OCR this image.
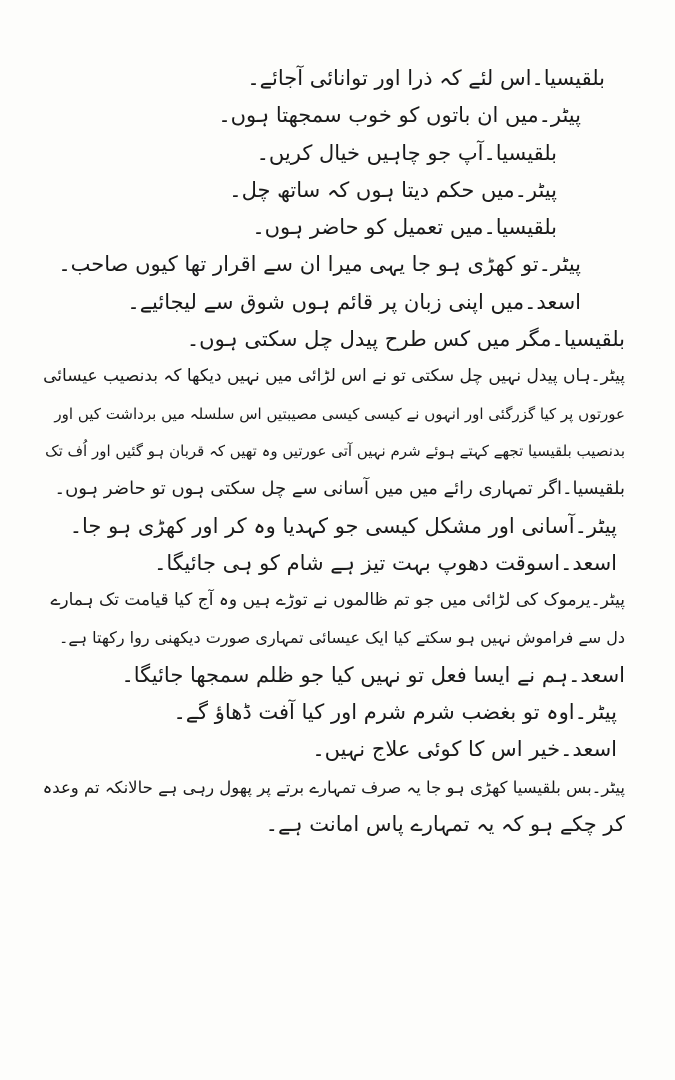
بلقیسیا۔اس لئے کہ ذرا اور توانائی آجائے۔
پیٹر۔میں ان باتوں کو خوب سمجھتا ہوں۔
بلقیسیا۔آپ جو چاہیں خیال کریں۔
پیٹر۔میں حکم دیتا ہوں کہ ساتھ چل۔
بلقیسیا۔میں تعمیل کو حاضر ہوں۔
پیٹر۔تو کھڑی ہو جا یہی میرا ان سے اقرار تھا کیوں صاحب۔
اسعد۔میں اپنی زبان پر قائم ہوں شوق سے لیجائیے۔
بلقیسیا۔مگر میں کس طرح پیدل چل سکتی ہوں۔
پیٹر۔ہاں پیدل نہیں چل سکتی تو نے اس لڑائی میں نہیں دیکھا کہ بدنصیب عیسائی
عورتوں پر کیا گزرگئی اور انہوں نے کیسی کیسی مصیبتیں اس سلسلہ میں برداشت کیں اور
بدنصیب بلقیسیا تجھے کہتے ہوئے شرم نہیں آتی عورتیں وہ تھیں کہ قربان ہو گئیں اور اُف تک
بلقیسیا۔اگر تمہاری رائے میں میں آسانی سے چل سکتی ہوں تو حاضر ہوں۔
پیٹر۔آسانی اور مشکل کیسی جو کہدیا وہ کر اور کھڑی ہو جا۔
اسعد۔اسوقت دھوپ بہت تیز ہے شام کو ہی جائیگا۔
پیٹر۔یرموک کی لڑائی میں جو تم ظالموں نے توڑے ہیں وہ آج کیا قیامت تک ہمارے
دل سے فراموش نہیں ہو سکتے کیا ایک عیسائی تمہاری صورت دیکھنی روا رکھتا ہے۔
اسعد۔ہم نے ایسا فعل تو نہیں کیا جو ظلم سمجھا جائیگا۔
پیٹر۔اوہ تو بغضب شرم شرم اور کیا آفت ڈھاؤ گے۔
اسعد۔خیر اس کا کوئی علاج نہیں۔
پیٹر۔بس بلقیسیا کھڑی ہو جا یہ صرف تمہارے برتے پر پھول رہی ہے حالانکہ تم وعدہ
کر چکے ہو کہ یہ تمہارے پاس امانت ہے۔
